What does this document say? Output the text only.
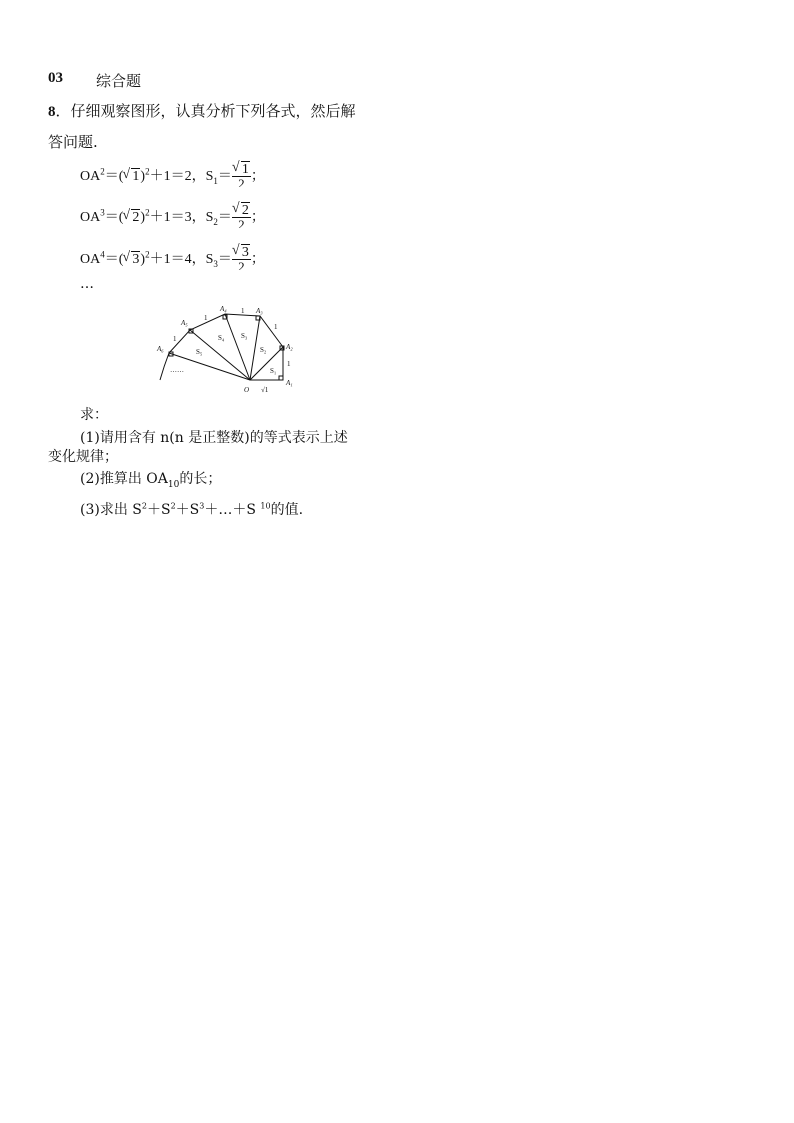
03 综合题
8．仔细观察图形，认真分析下列各式，然后解
答问题.
$OA^2=(√$ 1)$^2$＋1＝2，$S_1=$
√ $\frac{1}{2}$ ；
$OA^3=(√$ 2)$^2$＋1＝3，$S_2=$
√ $\frac{2}{2}$ ；
$OA^4=(√$ 3)$^2$＋1＝4，$S_3=$
√ $\frac{3}{2}$ ；
…
O √1
A₁
A₂
A₃
A₄
A₅
A₆
S₁
S₂
S₃
S₄
S₅
1
1
1
1
1
……
求：
(1)请用含有 n(n 是正整数)的等式表示上述
变化规律；
(2)推算出 $OA_{10}$的长；
(3)求出 $S^2+S^2+S^3+\dots+S$ $^{10}$的值.
